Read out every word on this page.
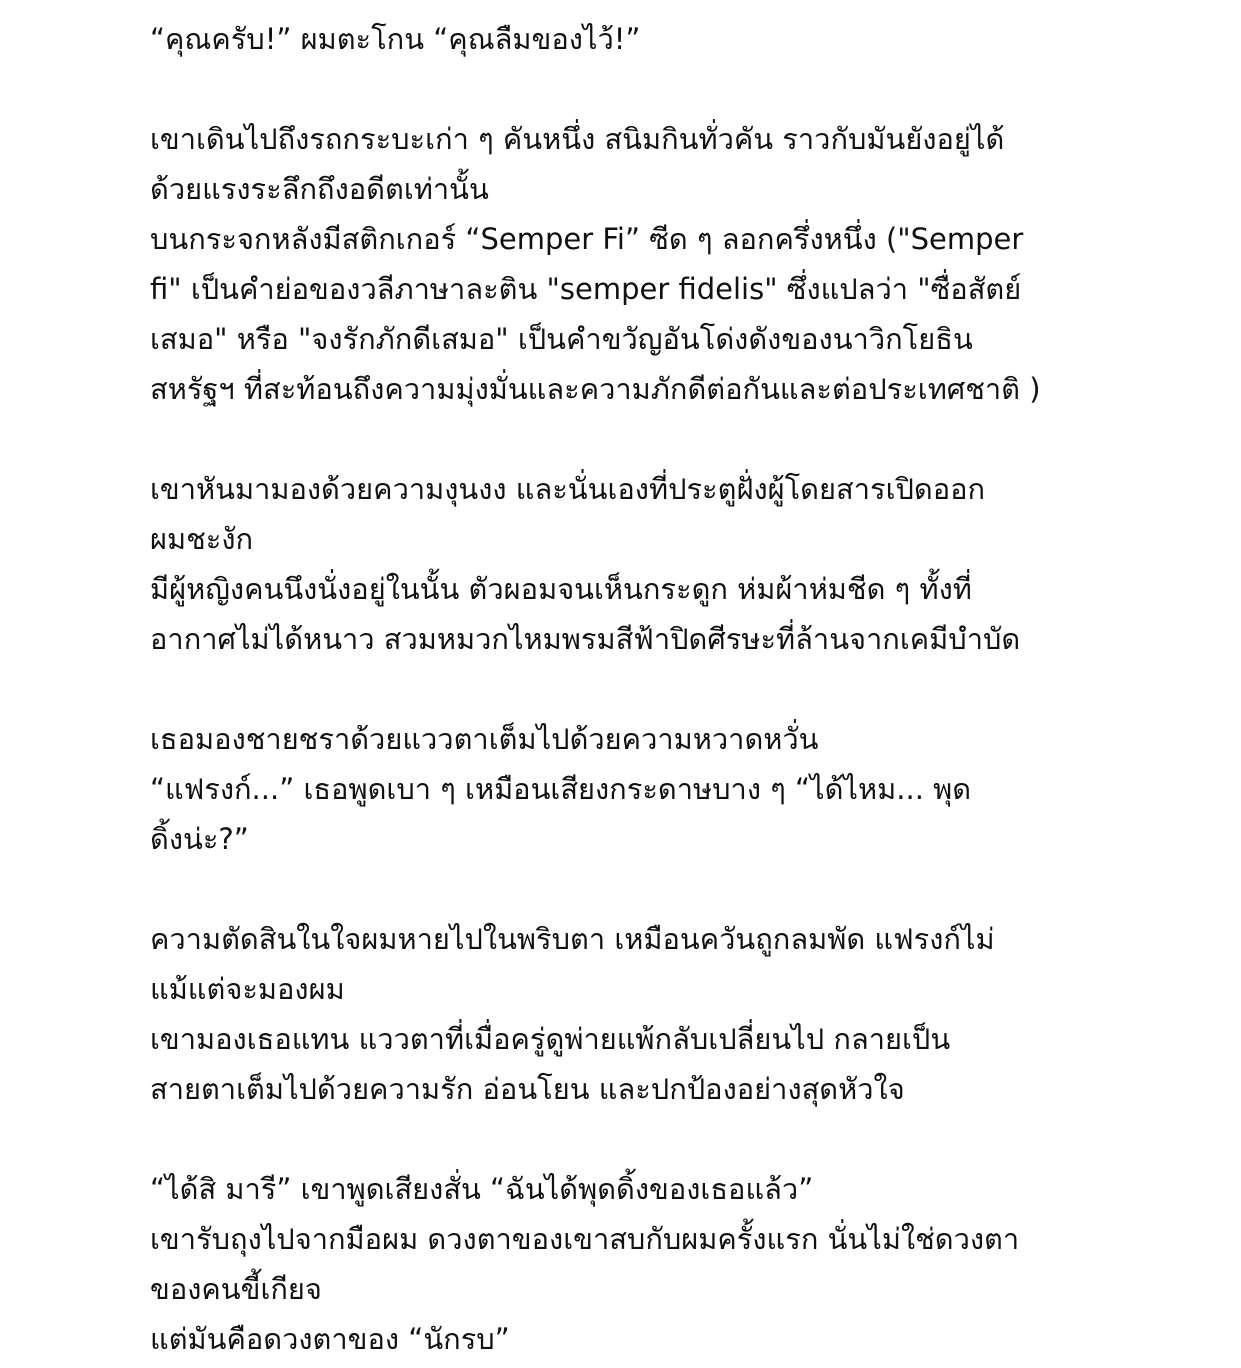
“คุณครับ!” ผมตะโกน “คุณลืมของไว้!”
เขาเดินไปถึงรถกระบะเก่า ๆ คันหนึ่ง สนิมกินทั่วคัน ราวกับมันยังอยู่ได้
ด้วยแรงระลึกถึงอดีตเท่านั้น
บนกระจกหลังมีสติกเกอร์ “Semper Fi” ซีด ๆ ลอกครึ่งหนึ่ง ("Semper
fi" เป็นคำย่อของวลีภาษาละติน "semper fidelis" ซึ่งแปลว่า "ซื่อสัตย์
เสมอ" หรือ "จงรักภักดีเสมอ" เป็นคำขวัญอันโด่งดังของนาวิกโยธิน
สหรัฐฯ ที่สะท้อนถึงความมุ่งมั่นและความภักดีต่อกันและต่อประเทศชาติ )
เขาหันมามองด้วยความงุนงง และนั่นเองที่ประตูฝั่งผู้โดยสารเปิดออก
ผมชะงัก
มีผู้หญิงคนนึงนั่งอยู่ในนั้น ตัวผอมจนเห็นกระดูก ห่มผ้าห่มชีด ๆ ทั้งที่
อากาศไม่ได้หนาว สวมหมวกไหมพรมสีฟ้าปิดศีรษะที่ล้านจากเคมีบำบัด
เธอมองชายชราด้วยแววตาเต็มไปด้วยความหวาดหวั่น
“แฟรงก์...” เธอพูดเบา ๆ เหมือนเสียงกระดาษบาง ๆ “ได้ไหม... พุด
ดิ้งน่ะ?”
ความตัดสินในใจผมหายไปในพริบตา เหมือนควันถูกลมพัด แฟรงก์ไม่
แม้แต่จะมองผม
เขามองเธอแทน แววตาที่เมื่อครู่ดูพ่ายแพ้กลับเปลี่ยนไป กลายเป็น
สายตาเต็มไปด้วยความรัก อ่อนโยน และปกป้องอย่างสุดหัวใจ
“ได้สิ มารี” เขาพูดเสียงสั่น “ฉันได้พุดดิ้งของเธอแล้ว”
เขารับถุงไปจากมือผม ดวงตาของเขาสบกับผมครั้งแรก นั่นไม่ใช่ดวงตา
ของคนขี้เกียจ
แต่มันคือดวงตาของ “นักรบ”
